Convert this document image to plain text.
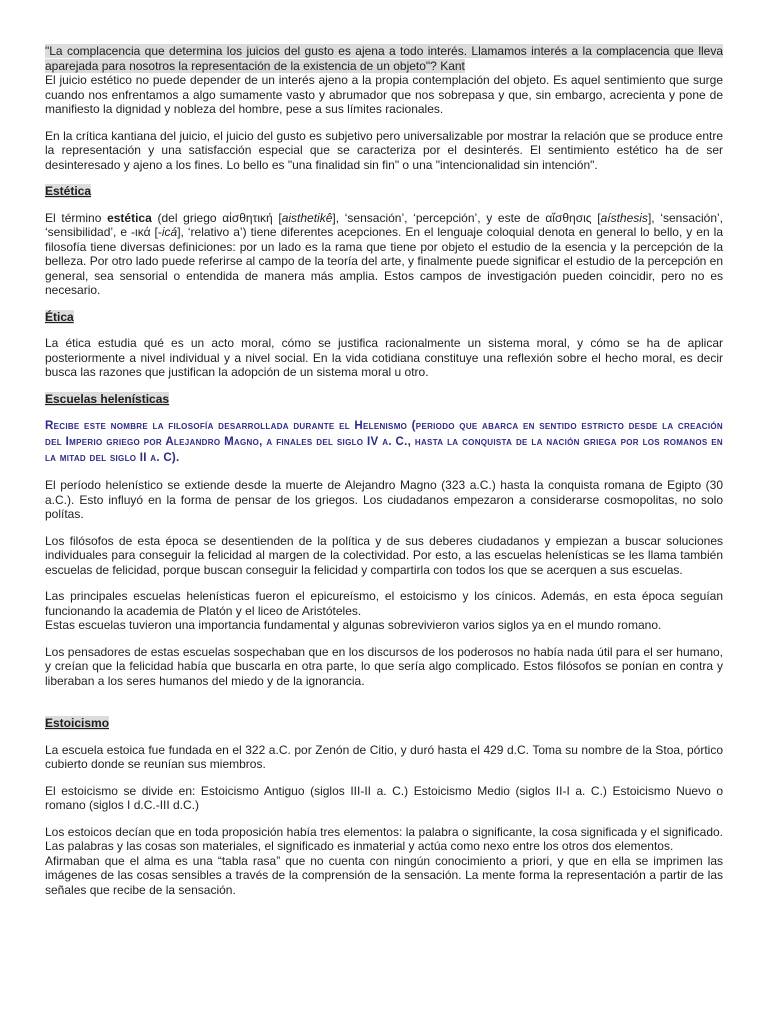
"La complacencia que determina los juicios del gusto es ajena a todo interés. Llamamos interés a la complacencia que lleva aparejada para nosotros la representación de la existencia de un objeto"? Kant

El juicio estético no puede depender de un interés ajeno a la propia contemplación del objeto. Es aquel sentimiento que surge cuando nos enfrentamos a algo sumamente vasto y abrumador que nos sobrepasa y que, sin embargo, acrecienta y pone de manifiesto la dignidad y nobleza del hombre, pese a sus límites racionales.

En la crítica kantiana del juicio, el juicio del gusto es subjetivo pero universalizable por mostrar la relación que se produce entre la representación y una satisfacción especial que se caracteriza por el desinterés. El sentimiento estético ha de ser desinteresado y ajeno a los fines. Lo bello es "una finalidad sin fin" o una "intencionalidad sin intención".

Estética

El término estética (del griego αἰσθητική [aisthetikê], ‘sensación’, ‘percepción’, y este de αἴσθησις [aísthesis], ‘sensación’, ‘sensibilidad’, e -ικά [-icá], ‘relativo a’) tiene diferentes acepciones. En el lenguaje coloquial denota en general lo bello, y en la filosofía tiene diversas definiciones: por un lado es la rama que tiene por objeto el estudio de la esencia y la percepción de la belleza. Por otro lado puede referirse al campo de la teoría del arte, y finalmente puede significar el estudio de la percepción en general, sea sensorial o entendida de manera más amplia. Estos campos de investigación pueden coincidir, pero no es necesario.

Ética

La ética estudia qué es un acto moral, cómo se justifica racionalmente un sistema moral, y cómo se ha de aplicar posteriormente a nivel individual y a nivel social. En la vida cotidiana constituye una reflexión sobre el hecho moral, es decir busca las razones que justifican la adopción de un sistema moral u otro.

Escuelas helenísticas

Recibe este nombre la filosofía desarrollada durante el Helenismo (periodo que abarca en sentido estricto desde la creación del Imperio griego por Alejandro Magno, a finales del siglo IV a. C., hasta la conquista de la nación griega por los romanos en la mitad del siglo II a. C).

El período helenístico se extiende desde la muerte de Alejandro Magno (323 a.C.) hasta la conquista romana de Egipto (30 a.C.). Esto influyó en la forma de pensar de los griegos. Los ciudadanos empezaron a considerarse cosmopolitas, no solo polítas.

Los filósofos de esta época se desentienden de la política y de sus deberes ciudadanos y empiezan a buscar soluciones individuales para conseguir la felicidad al margen de la colectividad. Por esto, a las escuelas helenísticas se les llama también escuelas de felicidad, porque buscan conseguir la felicidad y compartirla con todos los que se acerquen a sus escuelas.

Las principales escuelas helenísticas fueron el epicureísmo, el estoicismo y los cínicos. Además, en esta época seguían funcionando la academia de Platón y el liceo de Aristóteles.

Estas escuelas tuvieron una importancia fundamental y algunas sobrevivieron varios siglos ya en el mundo romano.

Los pensadores de estas escuelas sospechaban que en los discursos de los poderosos no había nada útil para el ser humano, y creían que la felicidad había que buscarla en otra parte, lo que sería algo complicado. Estos filósofos se ponían en contra y liberaban a los seres humanos del miedo y de la ignorancia.

Estoicismo

La escuela estoica fue fundada en el 322 a.C. por Zenón de Citio, y duró hasta el 429 d.C. Toma su nombre de la Stoa, pórtico cubierto donde se reunían sus miembros.

El estoicismo se divide en: Estoicismo Antiguo (siglos III-II a. C.) Estoicismo Medio (siglos II-I a. C.) Estoicismo Nuevo o romano (siglos I d.C.-III d.C.)

Los estoicos decían que en toda proposición había tres elementos: la palabra o significante, la cosa significada y el significado. Las palabras y las cosas son materiales, el significado es inmaterial y actúa como nexo entre los otros dos elementos.

Afirmaban que el alma es una “tabla rasa” que no cuenta con ningún conocimiento a priori, y que en ella se imprimen las imágenes de las cosas sensibles a través de la comprensión de la sensación. La mente forma la representación a partir de las señales que recibe de la sensación.
